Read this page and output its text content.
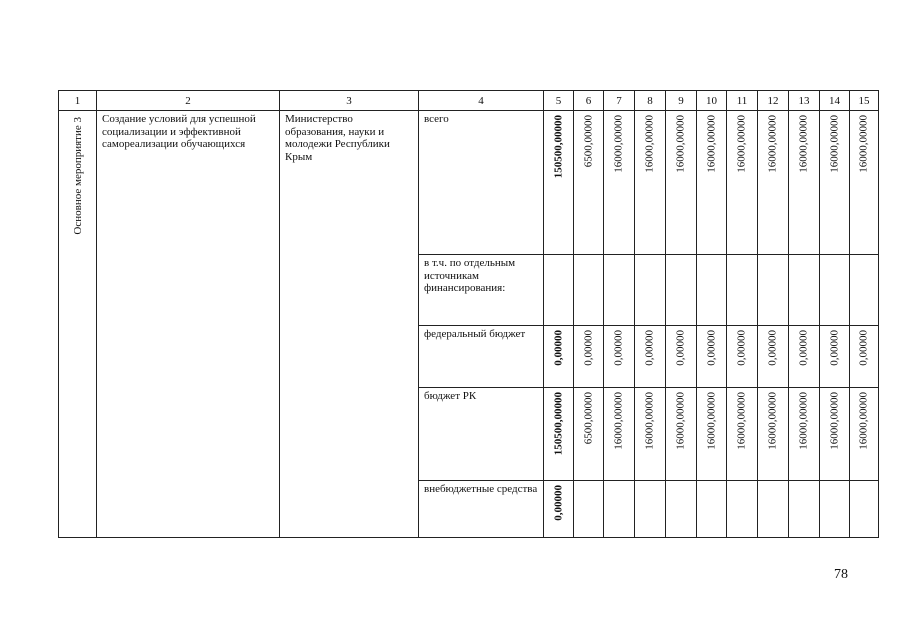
1	2	3	4	5	6	7	8	9	10	11	12	13	14	15

Основное мероприятие 3	Создание условий для успешной социализации и эффективной самореализации обучающихся	Министерство образования, науки и молодежи Республики Крым	всего	150500,00000	6500,00000	16000,00000	16000,00000	16000,00000	16000,00000	16000,00000	16000,00000	16000,00000	16000,00000	16000,00000

			в т.ч. по отдельным источникам финансирования:											

			федеральный бюджет	0,00000	0,00000	0,00000	0,00000	0,00000	0,00000	0,00000	0,00000	0,00000	0,00000	0,00000

			бюджет РК	150500,00000	6500,00000	16000,00000	16000,00000	16000,00000	16000,00000	16000,00000	16000,00000	16000,00000	16000,00000	16000,00000

			внебюджетные средства	0,00000										

78
